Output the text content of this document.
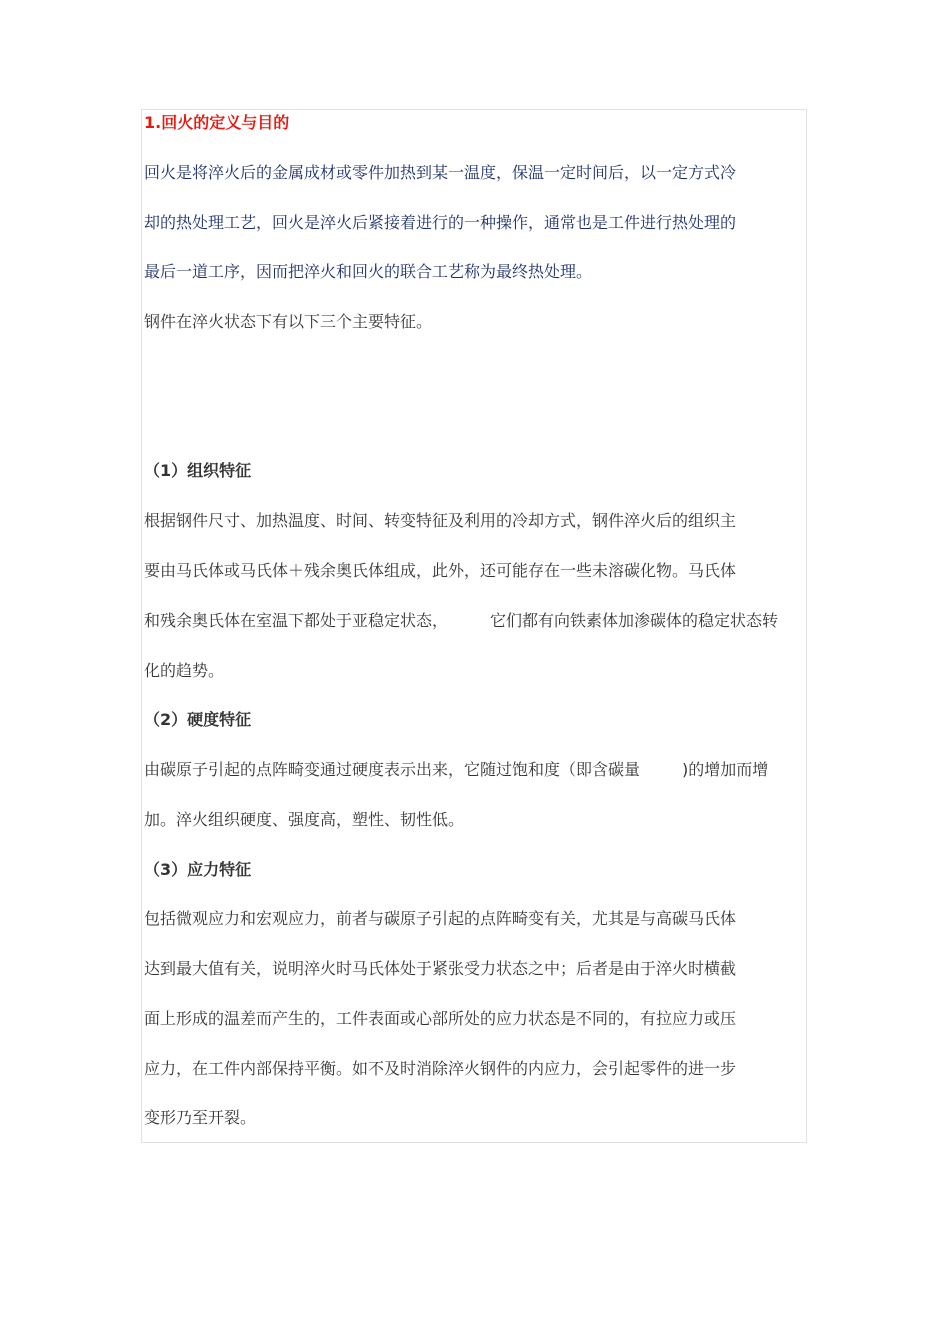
1.回火的定义与目的
回火是将淬火后的金属成材或零件加热到某一温度，保温一定时间后，以一定方式冷
却的热处理工艺，回火是淬火后紧接着进行的一种操作，通常也是工件进行热处理的
最后一道工序，因而把淬火和回火的联合工艺称为最终热处理。
钢件在淬火状态下有以下三个主要特征。
（1）组织特征
根据钢件尺寸、加热温度、时间、转变特征及利用的冷却方式，钢件淬火后的组织主
要由马氏体或马氏体＋残余奥氏体组成，此外，还可能存在一些未溶碳化物。马氏体
和残余奥氏体在室温下都处于亚稳定状态，	它们都有向铁素体加渗碳体的稳定状态转
化的趋势。
（2）硬度特征
由碳原子引起的点阵畸变通过硬度表示出来，它随过饱和度（即含碳量	)的增加而增
加。淬火组织硬度、强度高，塑性、韧性低。
（3）应力特征
包括微观应力和宏观应力，前者与碳原子引起的点阵畸变有关，尤其是与高碳马氏体
达到最大值有关，说明淬火时马氏体处于紧张受力状态之中；后者是由于淬火时横截
面上形成的温差而产生的，工件表面或心部所处的应力状态是不同的，有拉应力或压
应力，在工件内部保持平衡。如不及时消除淬火钢件的内应力，会引起零件的进一步
变形乃至开裂。
